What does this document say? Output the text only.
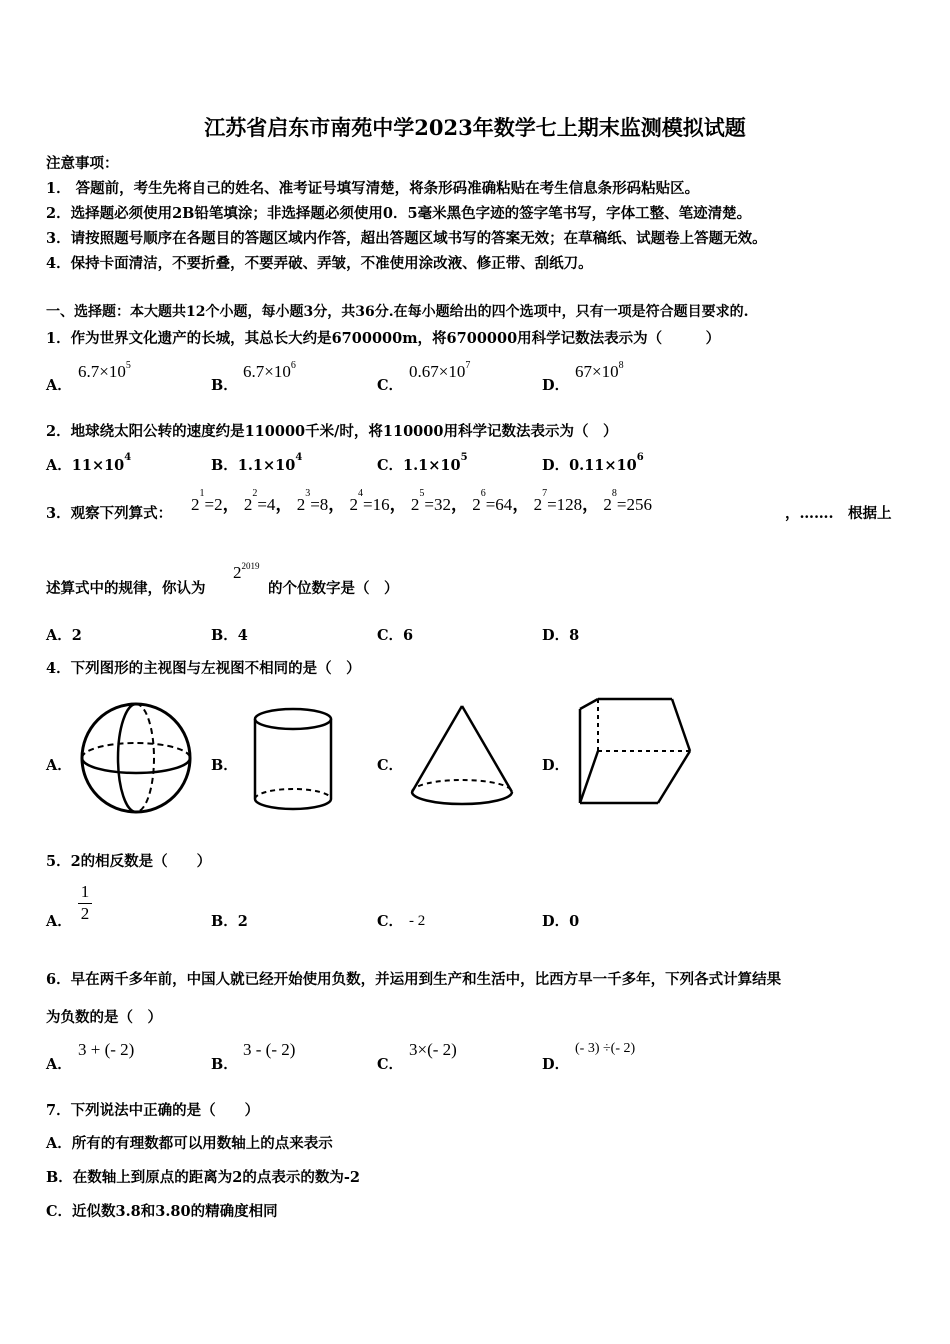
江苏省启东市南苑中学2023年数学七上期末监测模拟试题
注意事项：
1． 答题前，考生先将自己的姓名、准考证号填写清楚，将条形码准确粘贴在考生信息条形码粘贴区。
2．选择题必须使用2B铅笔填涂；非选择题必须使用0．5毫米黑色字迹的签字笔书写，字体工整、笔迹清楚。
3．请按照题号顺序在各题目的答题区域内作答，超出答题区域书写的答案无效；在草稿纸、试题卷上答题无效。
4．保持卡面清洁，不要折叠，不要弄破、弄皱，不准使用涂改液、修正带、刮纸刀。
一、选择题：本大题共12个小题，每小题3分，共36分.在每小题给出的四个选项中，只有一项是符合题目要求的.
1．作为世界文化遗产的长城，其总长大约是6700000m，将6700000用科学记数法表示为（　　　）
A．
$6.7\times 10^5$
B．
$6.7\times 10^6$
C．
$0.67\times 10^7$
D．
$67\times 10^8$
2．地球绕太阳公转的速度约是110000千米/时，将110000用科学记数法表示为（　）
A．$11\times 10^4$	B．$1.1\times 10^4$	C．$1.1\times 10^5$	D．$0.11\times 10^6$
3．观察下列算式： $2^1=2$， $2^2=4$， $2^3=8$， $2^4=16$， $2^5=32$， $2^6=64$， $2^7=128$， $2^8=256$	，…….　根据上
述算式中的规律，你认为
$2^{2019}$
的个位数字是（　）
A．2	B．4	C．6	D．8
4．下列图形的主视图与左视图不相同的是（　）
A．	B．	C．	D．
5．2的相反数是（　　）
A． $\frac{1}{2}$	B．2	C． - 2	D．0
6．早在两千多年前，中国人就已经开始使用负数，并运用到生产和生活中，比西方早一千多年，下列各式计算结果
为负数的是（　）
A．
3 + (- 2)
B．
3 - (- 2)
C．
3×(- 2)
D．
(- 3) ÷(- 2)
7．下列说法中正确的是（　　）
A．所有的有理数都可以用数轴上的点来表示
B．在数轴上到原点的距离为2的点表示的数为-2
C．近似数3.8和3.80的精确度相同
